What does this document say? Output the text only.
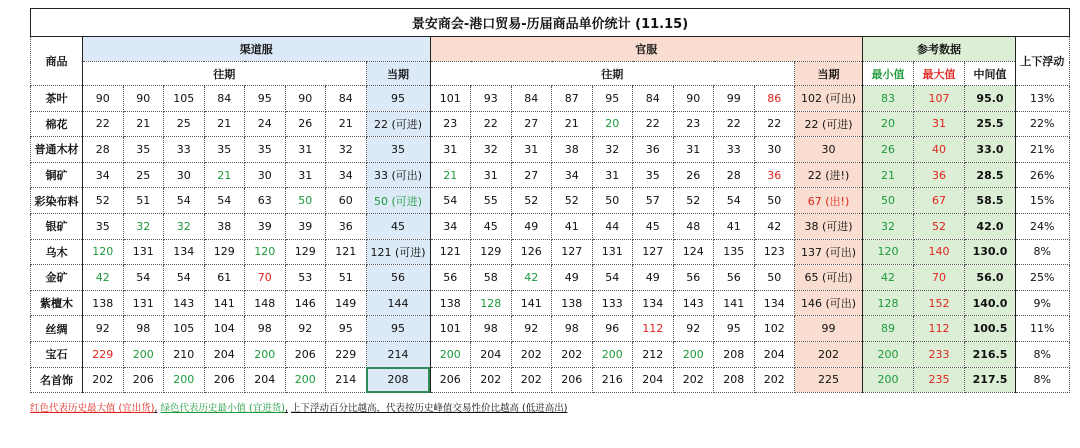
景安商会-港口贸易-历届商品单价统计 (11.15)																						
商品	渠道服								官服										参考数据			上下浮动
	往期							当期	往期									当期	最小值	最大值	中间值	
茶叶	90	90	105	84	95	90	84	95	101	93	84	87	95	84	90	99	86	102 (可出)	83	107	95.0	13%
棉花	22	21	25	21	24	26	21	22 (可进)	23	22	27	21	20	22	23	22	22	22 (可进)	20	31	25.5	22%
普通木材	28	35	33	35	35	31	32	35	31	32	31	38	32	36	31	33	30	30	26	40	33.0	21%
铜矿	34	25	30	21	30	31	34	33 (可出)	21	31	27	34	31	35	26	28	36	22 (进!)	21	36	28.5	26%
彩染布料	52	51	54	54	63	50	60	50 (可进)	54	55	52	52	50	57	52	54	50	67 (出!)	50	67	58.5	15%
银矿	35	32	32	38	39	39	36	45	34	45	49	41	44	45	48	41	42	38 (可进)	32	52	42.0	24%
乌木	120	131	134	129	120	129	121	121 (可进)	121	129	126	127	131	127	124	135	123	137 (可出)	120	140	130.0	8%
金矿	42	54	54	61	70	53	51	56	56	58	42	49	54	49	56	56	50	65 (可出)	42	70	56.0	25%
紫檀木	138	131	143	141	148	146	149	144	138	128	141	138	133	134	143	141	134	146 (可出)	128	152	140.0	9%
丝绸	92	98	105	104	98	92	95	95	101	98	92	98	96	112	92	95	102	99	89	112	100.5	11%
宝石	229	200	210	204	200	206	229	214	200	204	202	202	200	212	200	208	204	202	200	233	216.5	8%
名首饰	202	206	200	206	204	200	214	208	206	202	202	206	216	204	202	208	202	225	200	235	217.5	8%
红色代表历史最大值 (宜出货), 绿色代表历史最小值 (宜进货), 上下浮动百分比越高，代表按历史峰值交易性价比越高 (低进高出)
